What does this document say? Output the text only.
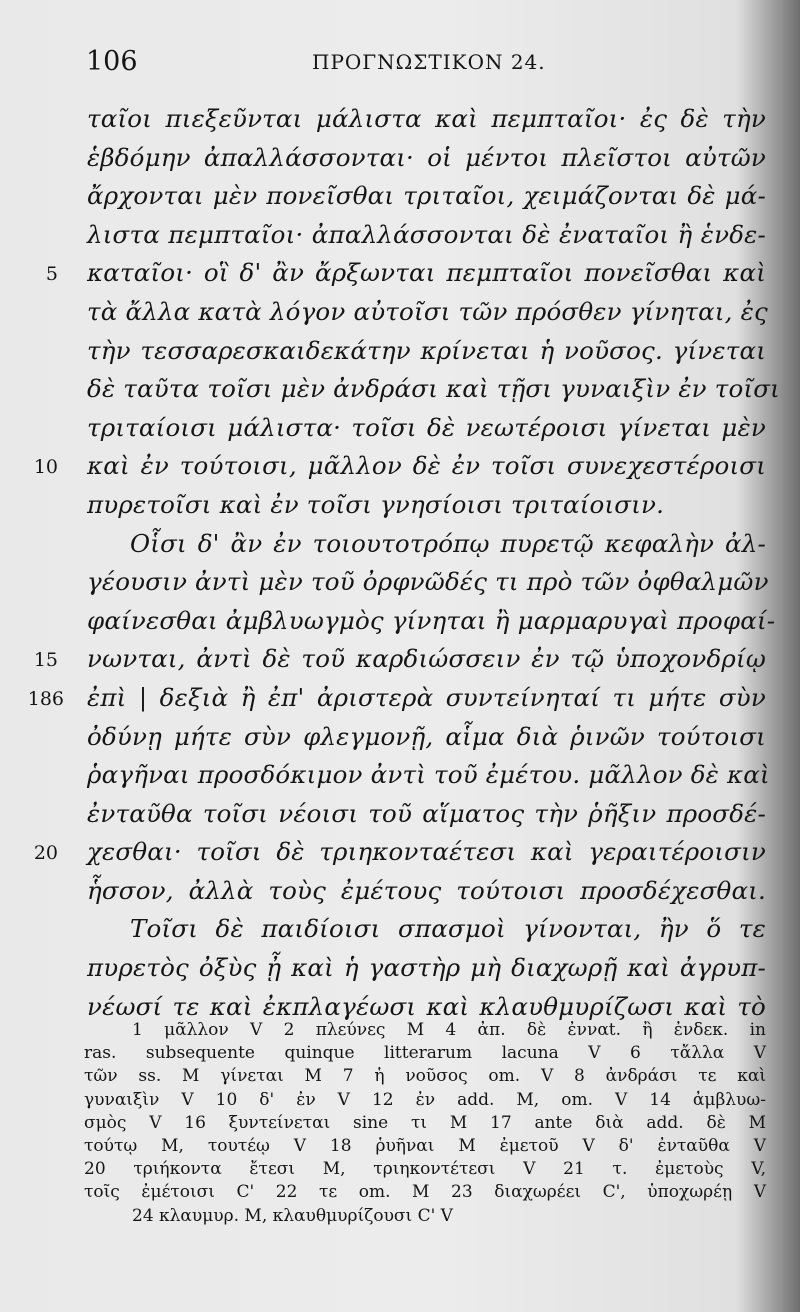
106	ΠΡΟΓΝΩΣΤΙΚΟΝ 24.
ταῖοι πιεξεῦνται μάλιστα καὶ πεμπταῖοι· ἐς δὲ τὴν
ἑβδόμην ἀπαλλάσσονται· οἱ μέντοι πλεῖστοι αὐτῶν
ἄρχονται μὲν πονεῖσθαι τριταῖοι, χειμάζονται δὲ μά-
λιστα πεμπταῖοι· ἀπαλλάσσονται δὲ ἐναταῖοι ἢ ἑνδε-
5 καταῖοι· οἳ δ' ἂν ἄρξωνται πεμπταῖοι πονεῖσθαι καὶ
τὰ ἄλλα κατὰ λόγον αὐτοῖσι τῶν πρόσθεν γίνηται, ἐς
τὴν τεσσαρεσκαιδεκάτην κρίνεται ἡ νοῦσος. γίνεται
δὲ ταῦτα τοῖσι μὲν ἀνδράσι καὶ τῇσι γυναιξὶν ἐν τοῖσι
τριταίοισι μάλιστα· τοῖσι δὲ νεωτέροισι γίνεται μὲν
10 καὶ ἐν τούτοισι, μᾶλλον δὲ ἐν τοῖσι συνεχεστέροισι
πυρετοῖσι καὶ ἐν τοῖσι γνησίοισι τριταίοισιν.
Οἷσι δ' ἂν ἐν τοιουτοτρόπῳ πυρετῷ κεφαλὴν ἀλ-
γέουσιν ἀντὶ μὲν τοῦ ὀρφνῶδές τι πρὸ τῶν ὀφθαλμῶν
φαίνεσθαι ἀμβλυωγμὸς γίνηται ἢ μαρμαρυγαὶ προφαί-
15 νωνται, ἀντὶ δὲ τοῦ καρδιώσσειν ἐν τῷ ὑποχονδρίῳ
186 ἐπὶ | δεξιὰ ἢ ἐπ' ἀριστερὰ συντείνηταί τι μήτε σὺν
ὀδύνῃ μήτε σὺν φλεγμονῇ, αἷμα διὰ ῥινῶν τούτοισι
ῥαγῆναι προσδόκιμον ἀντὶ τοῦ ἐμέτου. μᾶλλον δὲ καὶ
ἐνταῦθα τοῖσι νέοισι τοῦ αἵματος τὴν ῥῆξιν προσδέ-
20 χεσθαι· τοῖσι δὲ τριηκονταέτεσι καὶ γεραιτέροισιν
ἧσσον, ἀλλὰ τοὺς ἐμέτους τούτοισι προσδέχεσθαι.
Τοῖσι δὲ παιδίοισι σπασμοὶ γίνονται, ἢν ὅ τε
πυρετὸς ὀξὺς ᾖ καὶ ἡ γαστὴρ μὴ διαχωρῇ καὶ ἀγρυπ-
νέωσί τε καὶ ἐκπλαγέωσι καὶ κλαυθμυρίζωσι καὶ τὸ
1 μᾶλλον V 2 πλεύνες M 4 ἀπ. δὲ ἐνναt. ἢ ἐνδεκ. in
ras. subsequente quinque litterarum lacuna V 6 τἄλλα V
τῶν ss. M γίνεται M 7 ἡ νοῦσος om. V 8 ἀνδράσι τε καὶ
γυναιξὶν V 10 δ' ἐν V 12 ἐν add. M, om. V 14 ἀμβλυω-
σμὸς V 16 ξυντείνεται sine τι M 17 ante διὰ add. δὲ M
τούτῳ M, τουτέῳ V 18 ῥυῆναι M ἐμετοῦ V δ' ἐνταῦθα V
20 τριήκοντα ἔτεσι M, τριηκοντέτεσι V 21 τ. ἐμετοὺς V,
τοῖς ἐμέτοισι C' 22 τε om. M 23 διαχωρέει C', ὑποχωρέῃ V
24 κλαυμυρ. M, κλαυθμυρίζουσι C' V
